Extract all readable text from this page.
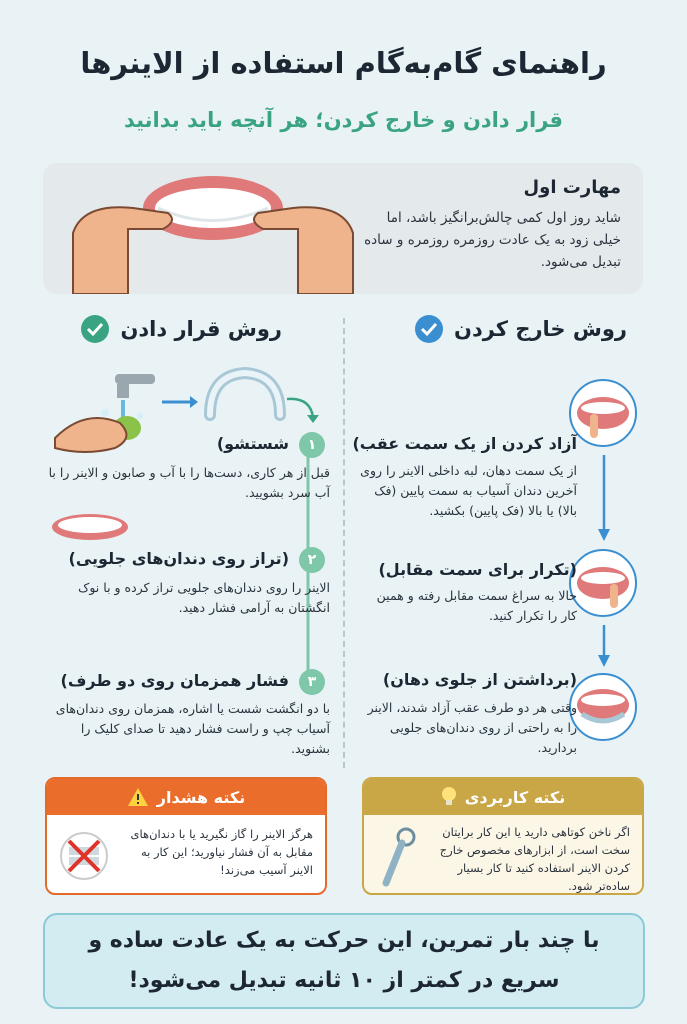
راهنمای گام‌به‌گام استفاده از الاینرها
قرار دادن و خارج کردن؛ هر آنچه باید بدانید
مهارت اول
شاید روز اول کمی چالش‌برانگیز باشد، اما خیلی زود به یک عادت روزمره روزمره و ساده تبدیل می‌شود.
روش خارج کردن
روش قرار دادن
۱
شستشو)
قبل از هر کاری، دست‌ها را با آب و صابون و الاینر را با آب سرد بشویید.
۲
(تراز روی دندان‌های جلویی)
الاینر را روی دندان‌های جلویی تراز کرده و با نوک انگشتان به آرامی فشار دهید.
۳
فشار همزمان روی دو طرف)
با دو انگشت شست یا اشاره، همزمان روی دندان‌های آسیاب چپ و راست فشار دهید تا صدای کلیک را بشنوید.
آزاد کردن از یک سمت عقب)
از یک سمت دهان، لبه داخلی الاینر را روی آخرین دندان آسیاب به سمت پایین (فک بالا) یا بالا (فک پایین) بکشید.
(تکرار برای سمت مقابل)
حالا به سراغ سمت مقابل رفته و همین کار را تکرار کنید.
(برداشتن از جلوی دهان)
وقتی هر دو طرف عقب آزاد شدند، الاینر را به راحتی از روی دندان‌های جلویی بردارید.
نکته هشدار
هرگز الاینر را گاز نگیرید یا با دندان‌های مقابل به آن فشار نیاورید؛ این کار به الاینر آسیب می‌زند!
نکته کاربردی
اگر ناخن کوتاهی دارید یا این کار برایتان سخت است، از ابزارهای مخصوص خارج کردن الاینر استفاده کنید تا کار بسیار ساده‌تر شود.
با چند بار تمرین، این حرکت به یک عادت ساده و سریع در کمتر از ۱۰ ثانیه تبدیل می‌شود!
